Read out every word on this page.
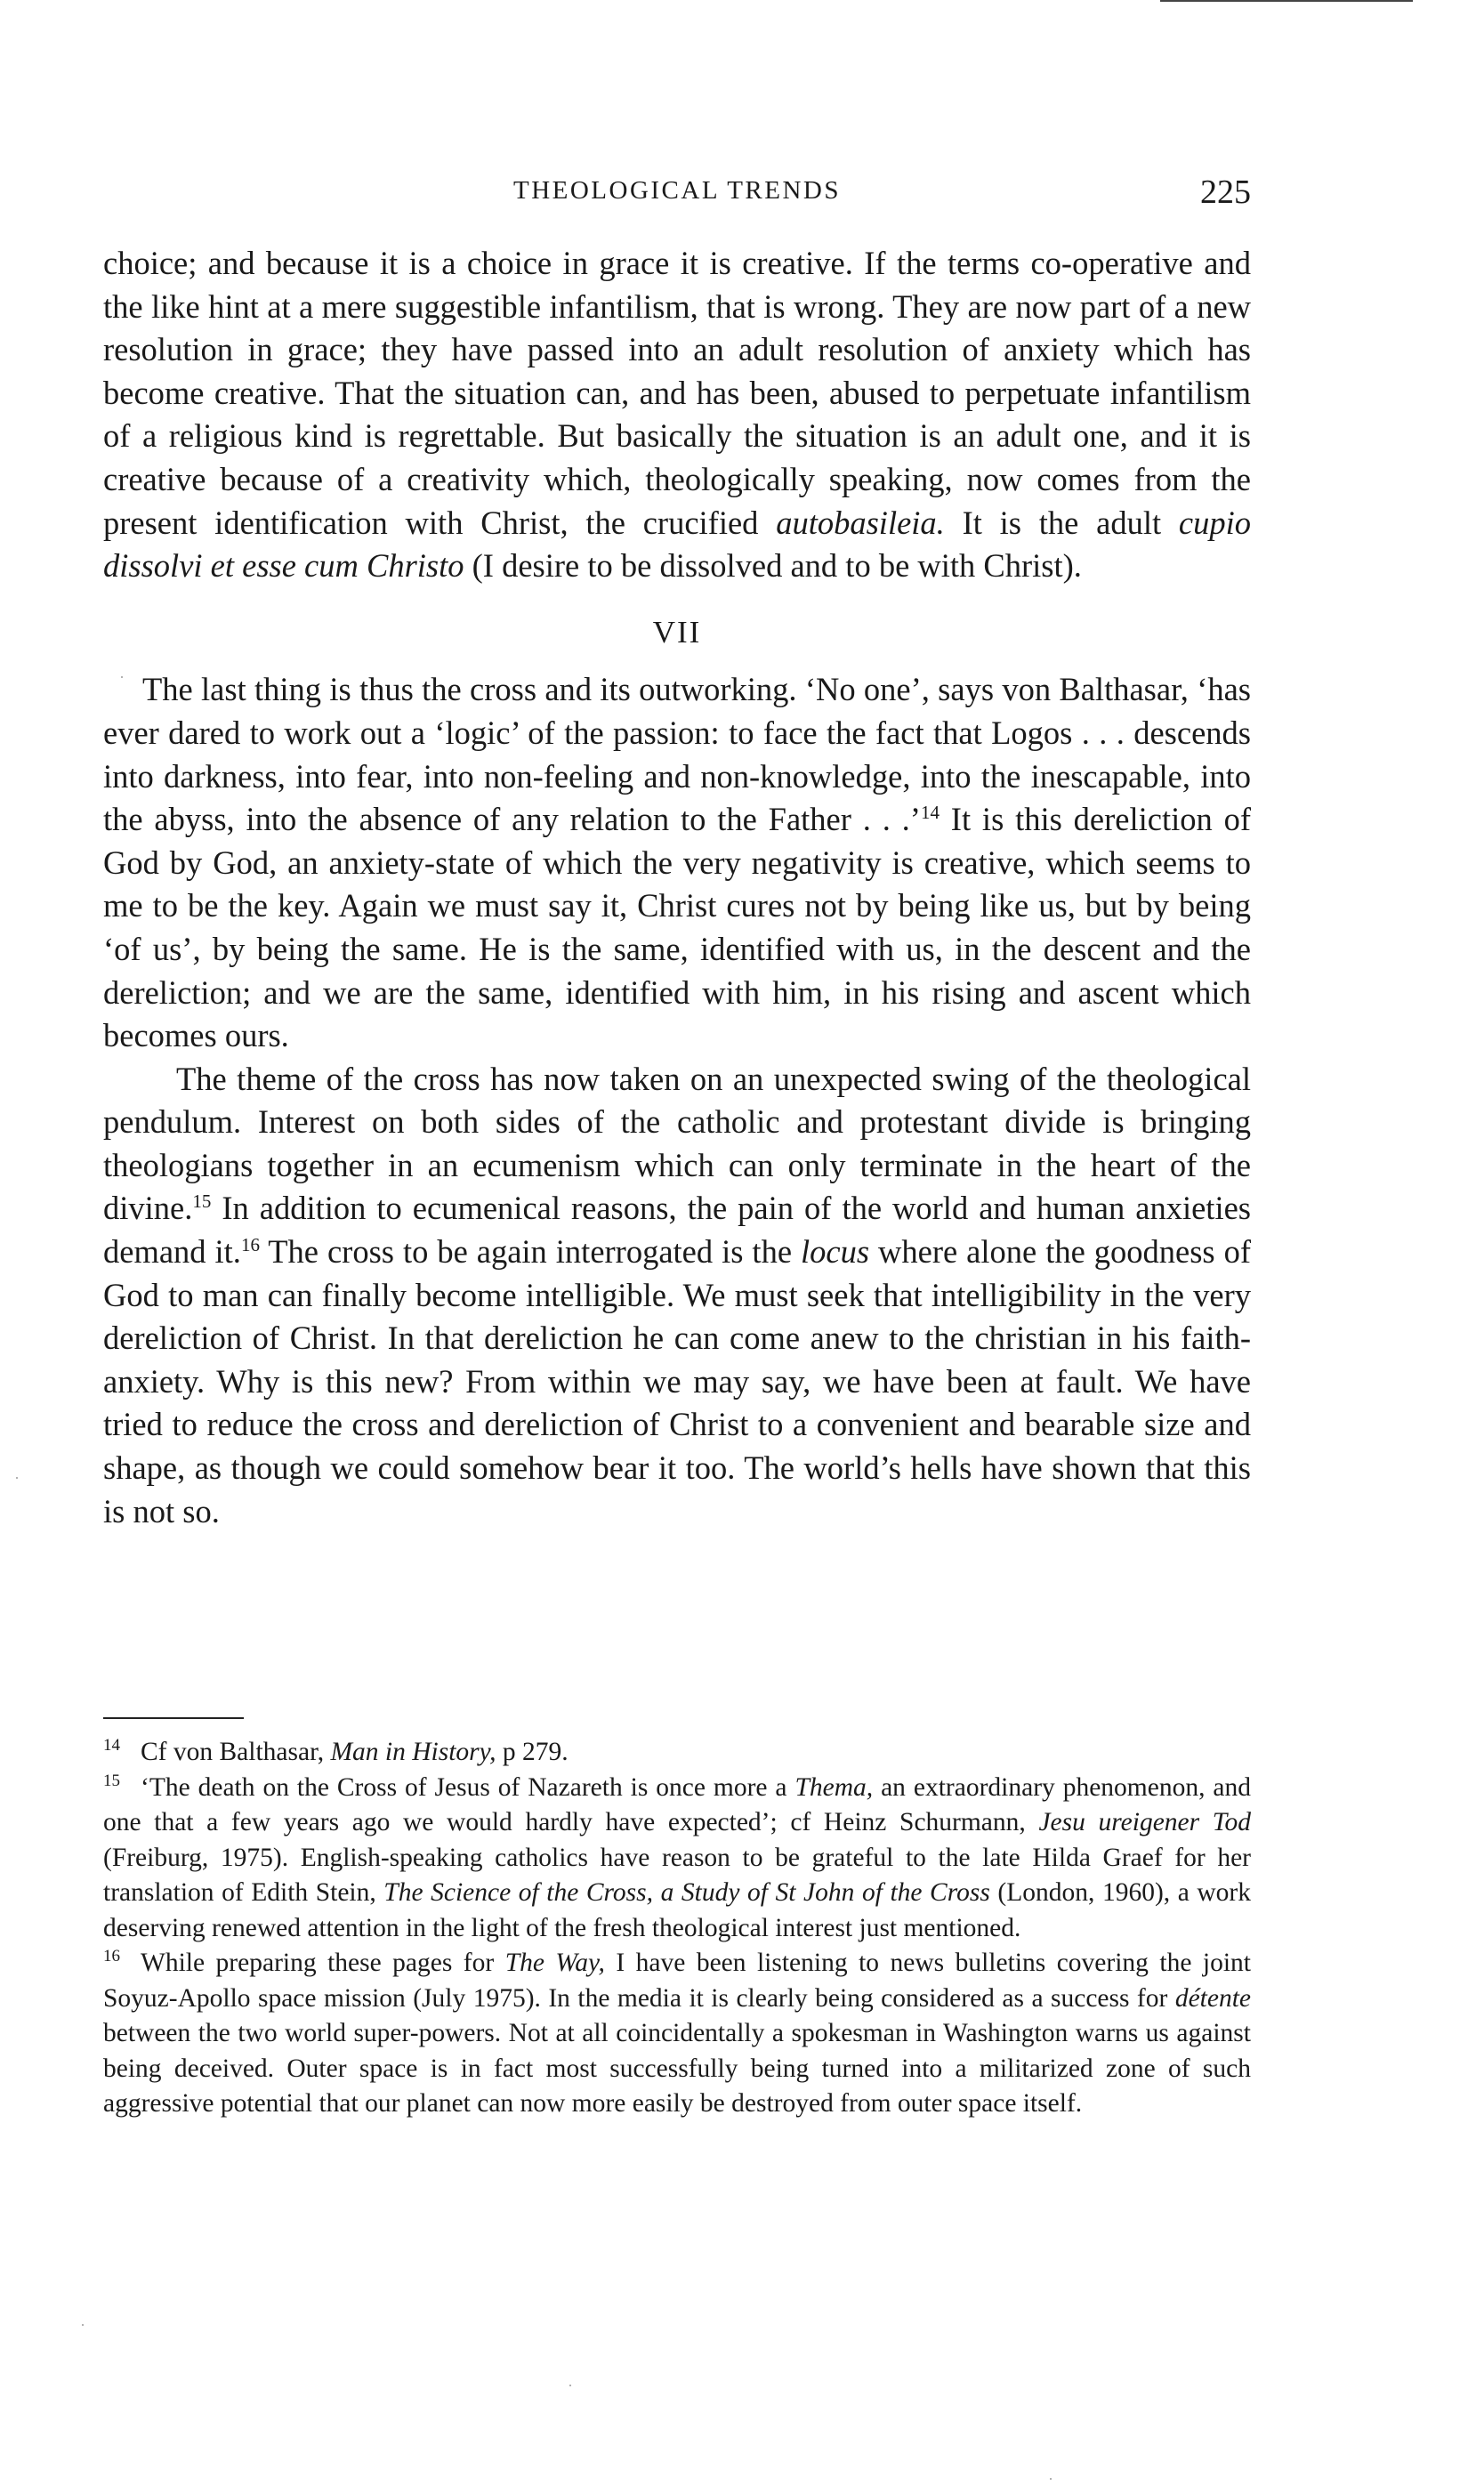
THEOLOGICAL TRENDS	225

choice; and because it is a choice in grace it is creative. If the terms co-operative and the like hint at a mere suggestible infantilism, that is wrong. They are now part of a new resolution in grace; they have passed into an adult resolution of anxiety which has become creative. That the situation can, and has been, abused to perpetuate infantilism of a religious kind is regrettable. But basically the situation is an adult one, and it is creative because of a creativity which, theologically speaking, now comes from the present identification with Christ, the crucified autobasileia. It is the adult cupio dissolvi et esse cum Christo (I desire to be dissolved and to be with Christ).

VII

The last thing is thus the cross and its outworking. ‘No one’, says von Balthasar, ‘has ever dared to work out a ‘logic’ of the passion: to face the fact that Logos . . . descends into darkness, into fear, into non-feeling and non-knowledge, into the inescapable, into the abyss, into the absence of any relation to the Father . . .’$^{14}$ It is this dereliction of God by God, an anxiety-state of which the very negativity is creative, which seems to me to be the key. Again we must say it, Christ cures not by being like us, but by being ‘of us’, by being the same. He is the same, identified with us, in the descent and the dereliction; and we are the same, identified with him, in his rising and ascent which becomes ours.

The theme of the cross has now taken on an unexpected swing of the theological pendulum. Interest on both sides of the catholic and protestant divide is bringing theologians together in an ecumenism which can only terminate in the heart of the divine.$^{15}$ In addition to ecumenical reasons, the pain of the world and human anxieties demand it.$^{16}$ The cross to be again interrogated is the locus where alone the goodness of God to man can finally become intelligible. We must seek that intelligibility in the very dereliction of Christ. In that dereliction he can come anew to the christian in his faith-anxiety. Why is this new? From within we may say, we have been at fault. We have tried to reduce the cross and dereliction of Christ to a convenient and bearable size and shape, as though we could somehow bear it too. The world’s hells have shown that this is not so.

14 Cf von Balthasar, Man in History, p 279.

15 ‘The death on the Cross of Jesus of Nazareth is once more a Thema, an extraordinary phenomenon, and one that a few years ago we would hardly have expected’; cf Heinz Schurmann, Jesu ureigener Tod (Freiburg, 1975). English-speaking catholics have reason to be grateful to the late Hilda Graef for her translation of Edith Stein, The Science of the Cross, a Study of St John of the Cross (London, 1960), a work deserving renewed attention in the light of the fresh theological interest just mentioned.

16 While preparing these pages for The Way, I have been listening to news bulletins covering the joint Soyuz-Apollo space mission (July 1975). In the media it is clearly being considered as a success for détente between the two world super-powers. Not at all coincidentally a spokesman in Washington warns us against being deceived. Outer space is in fact most successfully being turned into a militarized zone of such aggressive potential that our planet can now more easily be destroyed from outer space itself.
